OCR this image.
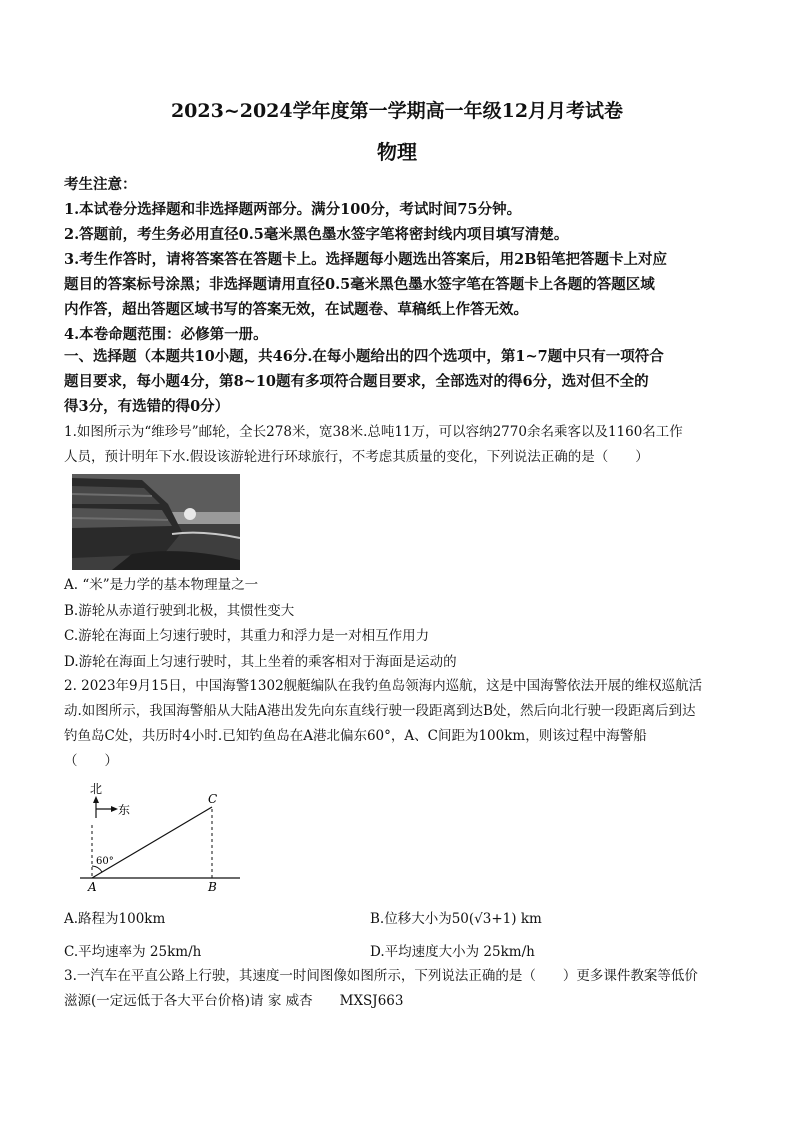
2023~2024学年度第一学期高一年级12月月考试卷
物理

考生注意：

1.本试卷分选择题和非选择题两部分。满分100分，考试时间75分钟。

2.答题前，考生务必用直径0.5毫米黑色墨水签字笔将密封线内项目填写清楚。

3.考生作答时，请将答案答在答题卡上。选择题每小题选出答案后，用2B铅笔把答题卡上对应

题目的答案标号涂黑；非选择题请用直径0.5毫米黑色墨水签字笔在答题卡上各题的答题区域

内作答，超出答题区域书写的答案无效，在试题卷、草稿纸上作答无效。

4.本卷命题范围：必修第一册。

一、选择题（本题共10小题，共46分.在每小题给出的四个选项中，第1~7题中只有一项符合

题目要求，每小题4分，第8~10题有多项符合题目要求，全部选对的得6分，选对但不全的

得3分，有选错的得0分）

1.如图所示为“维珍号”邮轮，全长278米，宽38米.总吨11万，可以容纳2770余名乘客以及1160名工作

人员，预计明年下水.假设该游轮进行环球旅行，不考虑其质量的变化，下列说法正确的是（　　）

A. “米”是力学的基本物理量之一
B.游轮从赤道行驶到北极，其惯性变大
C.游轮在海面上匀速行驶时，其重力和浮力是一对相互作用力
D.游轮在海面上匀速行驶时，其上坐着的乘客相对于海面是运动的

2. 2023年9月15日，中国海警1302舰艇编队在我钓鱼岛领海内巡航，这是中国海警依法开展的维权巡航活

动.如图所示，我国海警船从大陆A港出发先向东直线行驶一段距离到达B处，然后向北行驶一段距离后到达

钓鱼岛C处，共历时4小时.已知钓鱼岛在A港北偏东60°，A、C间距为100km，则该过程中海警船

（　　）

北
东
60°
A	B
C
A.路程为100km	B.位移大小为50(√3+1) km
C.平均速率为 25km/h	D.平均速度大小为 25km/h

3.一汽车在平直公路上行驶，其速度一时间图像如图所示，下列说法正确的是（　　）更多课件教案等低价

滋源(一定远低于各大平台价格)请 家 威杏　　MXSJ663
